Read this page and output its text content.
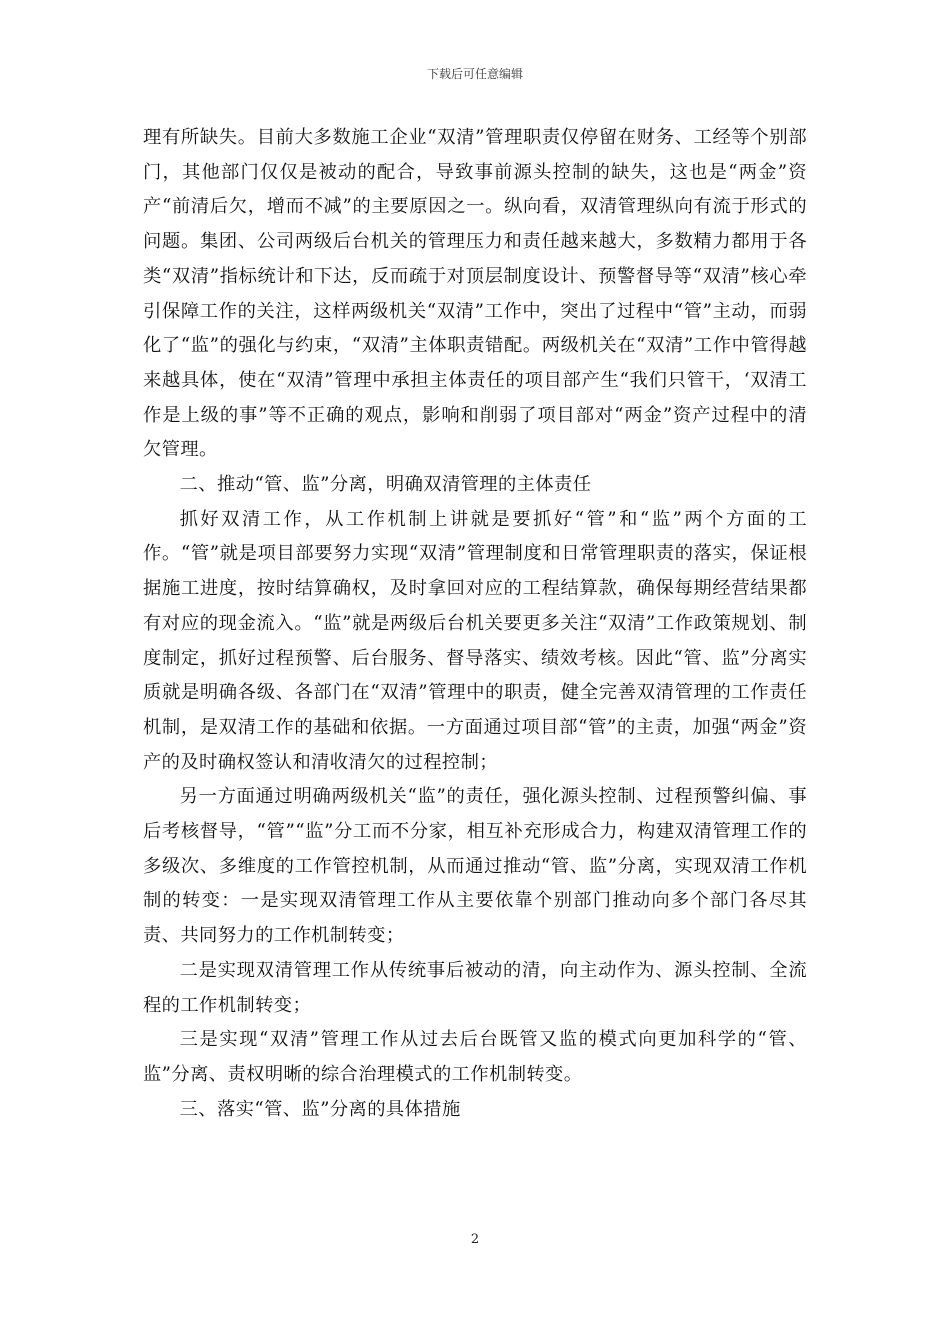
下载后可任意编辑

理有所缺失。目前大多数施工企业“双清”管理职责仅停留在财务、工经等个别部门，其他部门仅仅是被动的配合，导致事前源头控制的缺失，这也是“两金”资产“前清后欠，增而不减”的主要原因之一。纵向看，双清管理纵向有流于形式的问题。集团、公司两级后台机关的管理压力和责任越来越大，多数精力都用于各类“双清”指标统计和下达，反而疏于对顶层制度设计、预警督导等“双清”核心牵引保障工作的关注，这样两级机关“双清”工作中，突出了过程中“管”主动，而弱化了“监”的强化与约束，“双清”主体职责错配。两级机关在“双清”工作中管得越来越具体，使在“双清”管理中承担主体责任的项目部产生“我们只管干，‘双清工作是上级的事”等不正确的观点，影响和削弱了项目部对“两金”资产过程中的清欠管理。

二、推动“管、监”分离，明确双清管理的主体责任

抓好双清工作，从工作机制上讲就是要抓好“管”和“监”两个方面的工作。“管”就是项目部要努力实现“双清”管理制度和日常管理职责的落实，保证根据施工进度，按时结算确权，及时拿回对应的工程结算款，确保每期经营结果都有对应的现金流入。“监”就是两级后台机关要更多关注“双清”工作政策规划、制度制定，抓好过程预警、后台服务、督导落实、绩效考核。因此“管、监”分离实质就是明确各级、各部门在“双清”管理中的职责，健全完善双清管理的工作责任机制，是双清工作的基础和依据。一方面通过项目部“管”的主责，加强“两金”资产的及时确权签认和清收清欠的过程控制；

另一方面通过明确两级机关“监”的责任，强化源头控制、过程预警纠偏、事后考核督导，“管”“监”分工而不分家，相互补充形成合力，构建双清管理工作的多级次、多维度的工作管控机制，从而通过推动“管、监”分离，实现双清工作机制的转变：一是实现双清管理工作从主要依靠个别部门推动向多个部门各尽其责、共同努力的工作机制转变；

二是实现双清管理工作从传统事后被动的清，向主动作为、源头控制、全流程的工作机制转变；

三是实现“双清”管理工作从过去后台既管又监的模式向更加科学的“管、监”分离、责权明晰的综合治理模式的工作机制转变。

三、落实“管、监”分离的具体措施

2
